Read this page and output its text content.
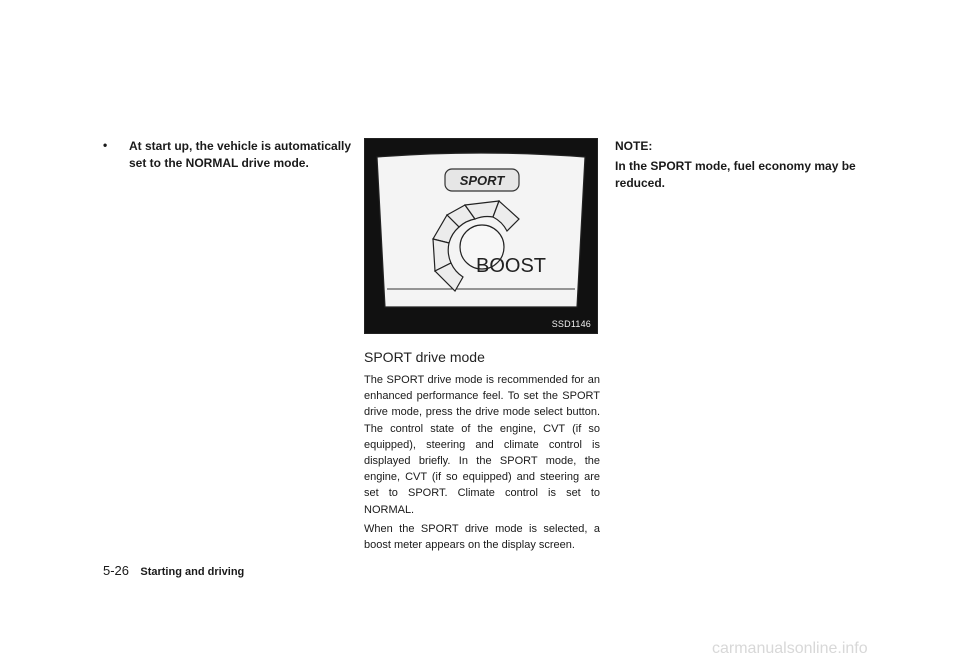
• At start up, the vehicle is automatically set to the NORMAL drive mode.
SPORT
BOOST
SSD1146
SPORT drive mode
The SPORT drive mode is recommended for an enhanced performance feel. To set the SPORT drive mode, press the drive mode select button. The control state of the engine, CVT (if so equipped), steering and climate control is displayed briefly. In the SPORT mode, the engine, CVT (if so equipped) and steering are set to SPORT. Climate control is set to NORMAL.
When the SPORT drive mode is selected, a boost meter appears on the display screen.
NOTE:
In the SPORT mode, fuel economy may be reduced.
5-26 Starting and driving
carmanualsonline.info
